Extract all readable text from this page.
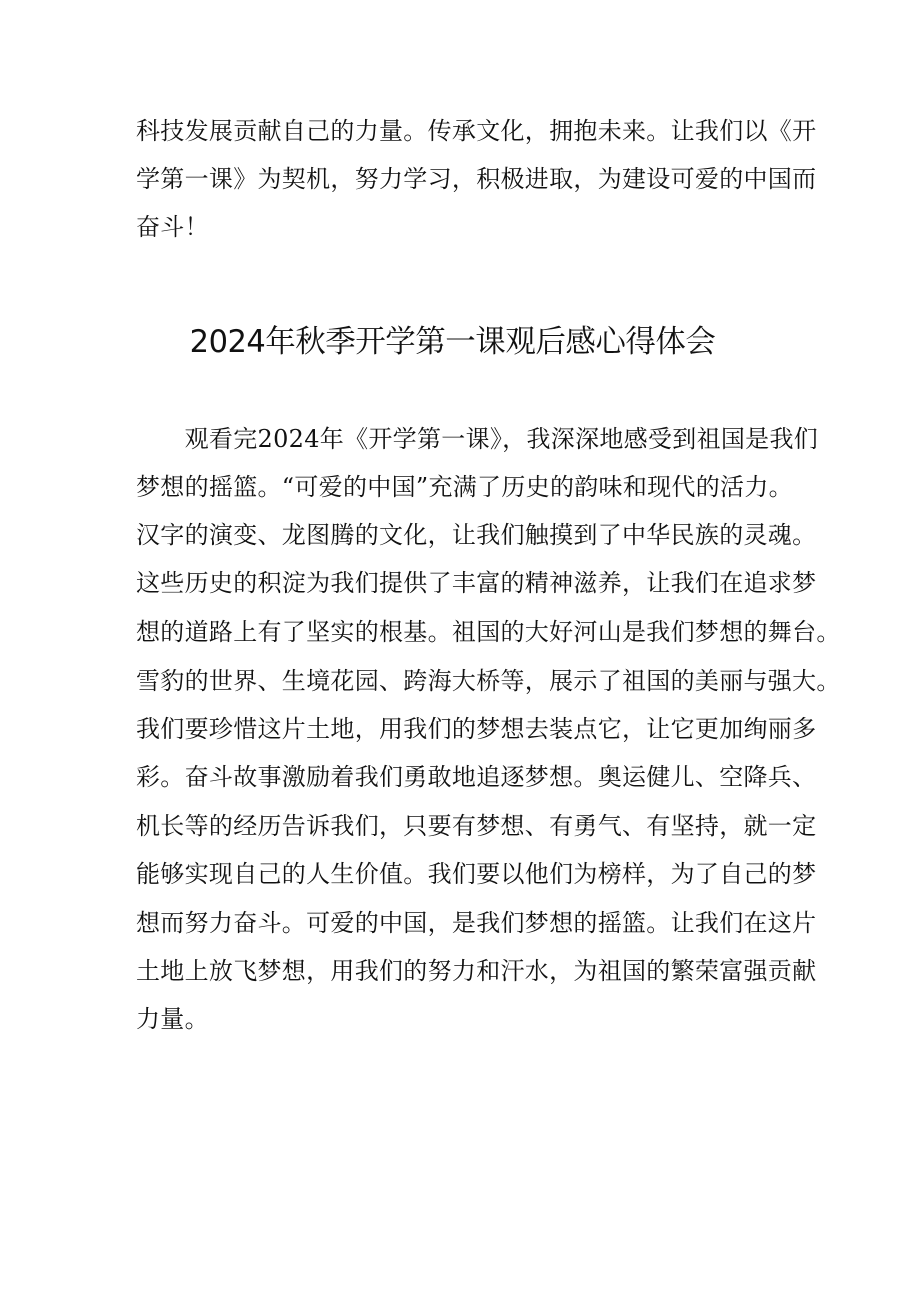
科技发展贡献自己的力量。传承文化，拥抱未来。让我们以《开
学第一课》为契机，努力学习，积极进取，为建设可爱的中国而
奋斗！
2024年秋季开学第一课观后感心得体会
　　观看完2024年《开学第一课》，我深深地感受到祖国是我们
梦想的摇篮。“可爱的中国”充满了历史的韵味和现代的活力。
汉字的演变、龙图腾的文化，让我们触摸到了中华民族的灵魂。
这些历史的积淀为我们提供了丰富的精神滋养，让我们在追求梦
想的道路上有了坚实的根基。祖国的大好河山是我们梦想的舞台。
雪豹的世界、生境花园、跨海大桥等，展示了祖国的美丽与强大。
我们要珍惜这片土地，用我们的梦想去装点它，让它更加绚丽多
彩。奋斗故事激励着我们勇敢地追逐梦想。奥运健儿、空降兵、
机长等的经历告诉我们，只要有梦想、有勇气、有坚持，就一定
能够实现自己的人生价值。我们要以他们为榜样，为了自己的梦
想而努力奋斗。可爱的中国，是我们梦想的摇篮。让我们在这片
土地上放飞梦想，用我们的努力和汗水，为祖国的繁荣富强贡献
力量。
